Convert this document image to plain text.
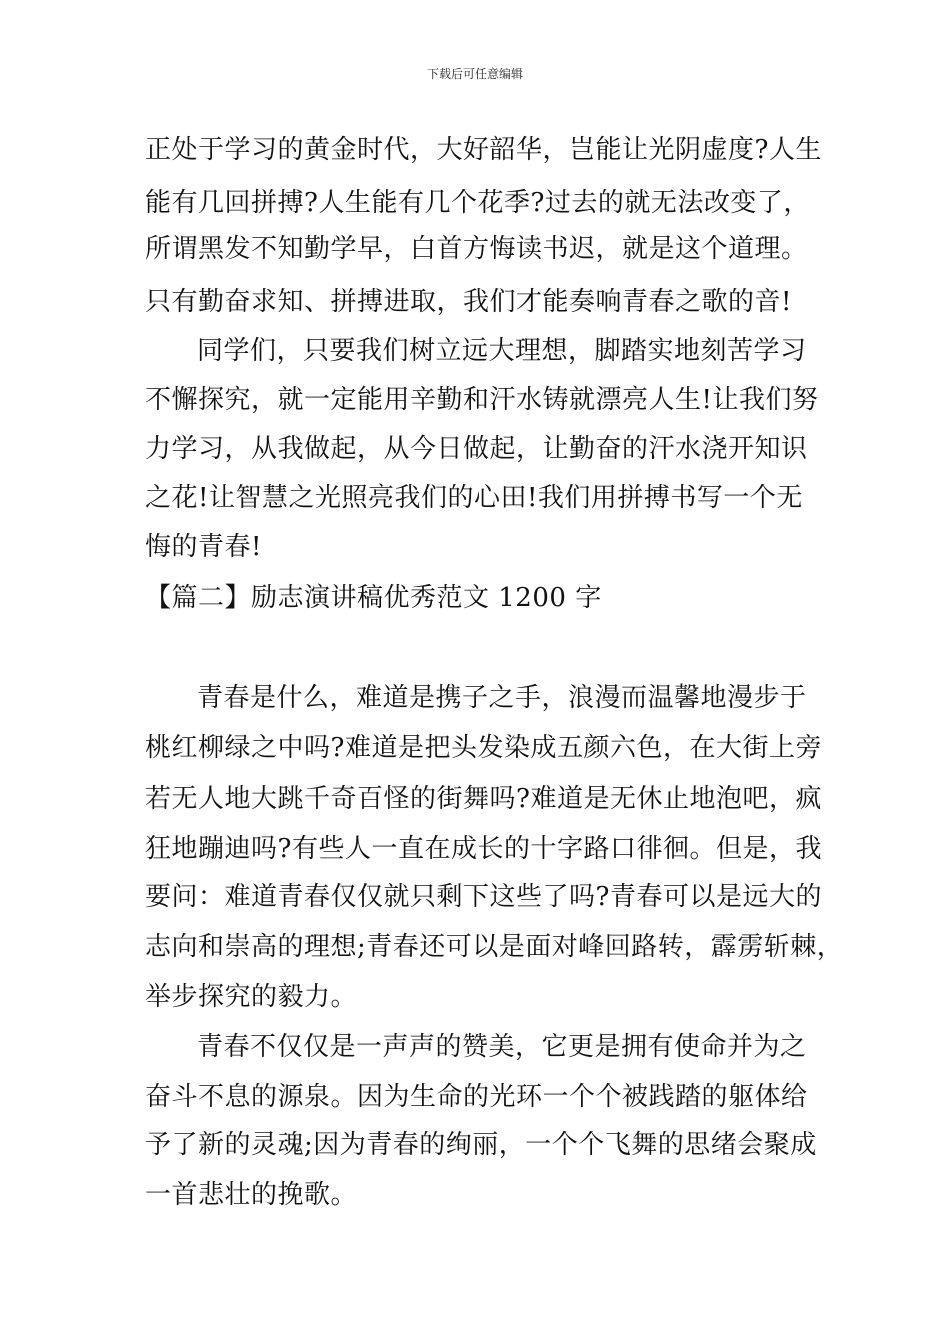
下载后可任意编辑
正处于学习的黄金时代，大好韶华，岂能让光阴虚度?人生
能有几回拼搏?人生能有几个花季?过去的就无法改变了，
所谓黑发不知勤学早，白首方悔读书迟，就是这个道理。
只有勤奋求知、拼搏进取，我们才能奏响青春之歌的音!
同学们，只要我们树立远大理想，脚踏实地刻苦学习
不懈探究，就一定能用辛勤和汗水铸就漂亮人生!让我们努
力学习，从我做起，从今日做起，让勤奋的汗水浇开知识
之花!让智慧之光照亮我们的心田!我们用拼搏书写一个无
悔的青春!
【篇二】励志演讲稿优秀范文 1200 字
青春是什么，难道是携子之手，浪漫而温馨地漫步于
桃红柳绿之中吗?难道是把头发染成五颜六色，在大街上旁
若无人地大跳千奇百怪的街舞吗?难道是无休止地泡吧，疯
狂地蹦迪吗?有些人一直在成长的十字路口徘徊。但是，我
要问：难道青春仅仅就只剩下这些了吗?青春可以是远大的
志向和崇高的理想;青春还可以是面对峰回路转，霹雳斩棘，
举步探究的毅力。
青春不仅仅是一声声的赞美，它更是拥有使命并为之
奋斗不息的源泉。因为生命的光环一个个被践踏的躯体给
予了新的灵魂;因为青春的绚丽，一个个飞舞的思绪会聚成
一首悲壮的挽歌。
